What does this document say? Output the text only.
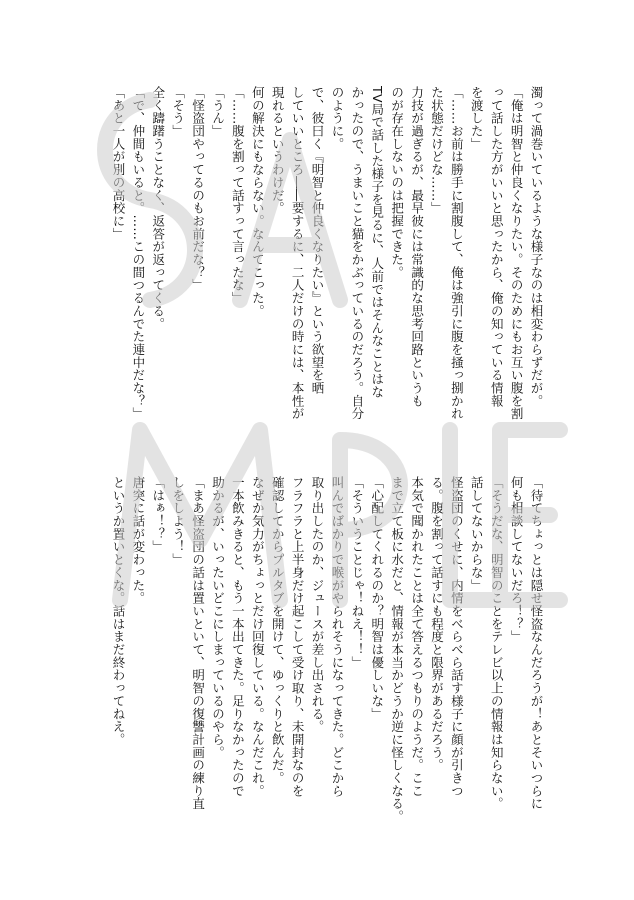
濁って渦巻いているような様子なのは相変わらずだが。

「俺は明智と仲良くなりたい。そのためにもお互い腹を割

って話した方がいいと思ったから、俺の知っている情報

を渡した」

「……お前は勝手に割腹して、俺は強引に腹を掻っ捌かれ

た状態だけどな……」

力技が過ぎるが、最早彼には常識的な思考回路というも

のが存在しないのは把握できた。

TV局で話した様子を見るに、人前ではそんなことはな

かったので、うまいこと猫をかぶっているのだろう。自分

のように。

で、彼曰く『明智と仲良くなりたい』という欲望を晒

していいところ――要するに、二人だけの時には、本性が

現れるというわけだ。

何の解決にもならない。なんてこった。

「……腹を割って話すって言ったな」

「うん」

「怪盗団やってるのもお前だな？」

「そう」

全く躊躇うことなく、返答が返ってくる。

「で、仲間もいると。……この間つるんでた連中だな？」

「あと一人が別の高校に」

「待てちょっとは隠せ怪盗なんだろうが！あとそいつらに

何も相談してないだろ！？」

「そうだな、明智のことをテレビ以上の情報は知らない。

話してないからな」

怪盗団のくせに、内情をべらべら話す様子に顔が引きつ

る。腹を割って話すにも程度と限界があるだろう。

本気で聞かれたことは全て答えるつもりのようだ。ここ

まで立て板に水だと、情報が本当かどうか逆に怪しくなる。

「心配してくれるのか？明智は優しいな」

「そういうことじゃ！ねえ！！」

叫んでばかりで喉がやられそうになってきた。どこから

取り出したのか、ジュースが差し出される。

フラフラと上半身だけ起こして受け取り、未開封なのを

確認してからプルタブを開けて、ゆっくりと飲んだ。

なぜか気力がちょっとだけ回復している。なんだこれ。

一本飲みきると、もう一本出てきた。足りなかったので

助かるが、いったいどこにしまっているのやら。

「まあ怪盗団の話は置いといて、明智の復讐計画の練り直

しをしよう！」

「はぁ！？」

唐突に話が変わった。

というか置いとくな。話はまだ終わってねえ。
